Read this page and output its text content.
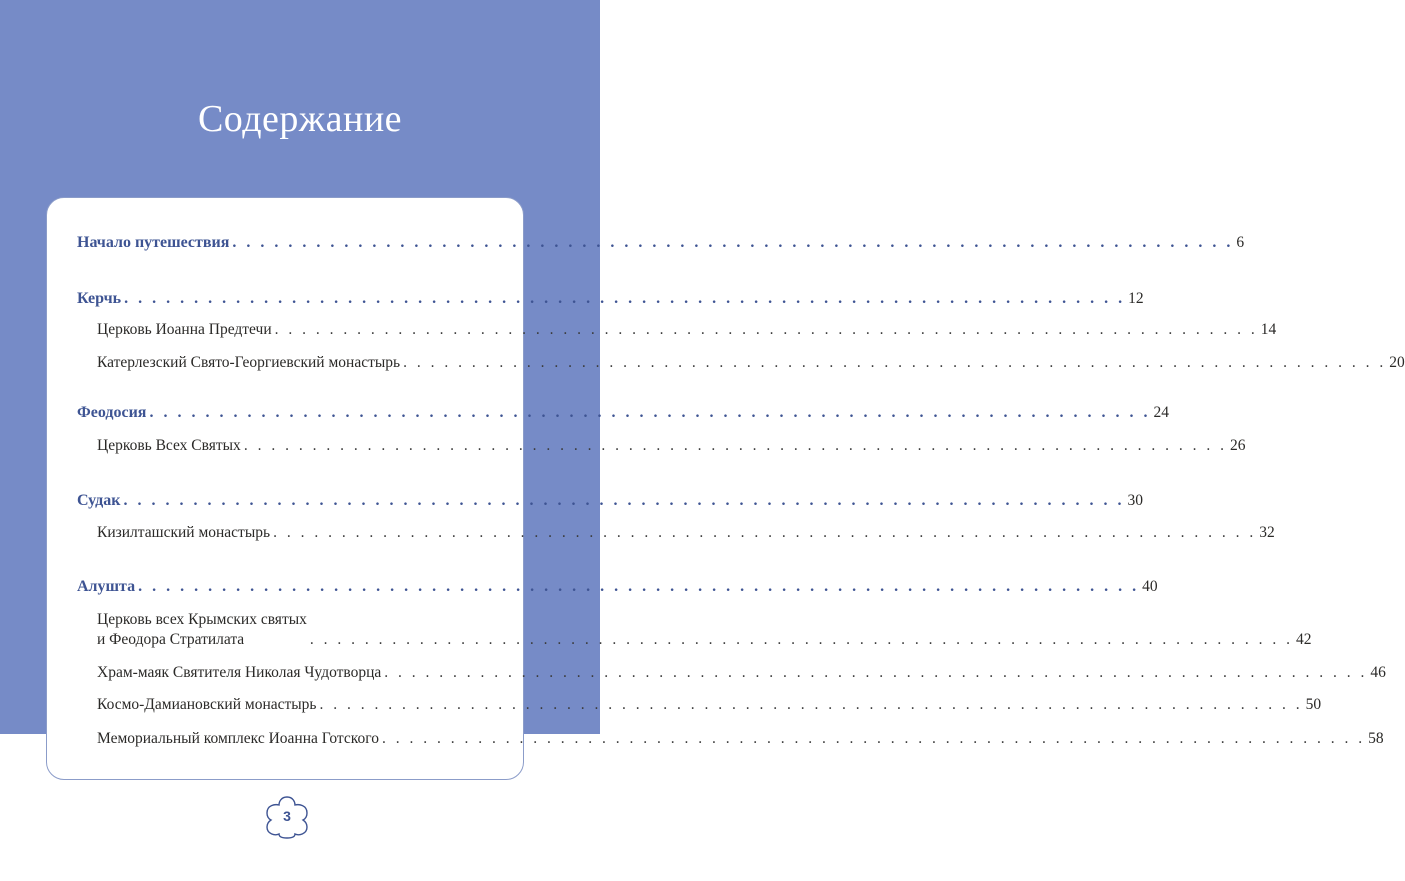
Содержание
Начало путешествия . . . . . . . . . . . . . . . . . . . . . . . . . . . . . . . . . . . . . . . . . . . . . . . . . . . . . . . . . . . . . . . . . . . . . . . . 6
Керчь . . . . . . . . . . . . . . . . . . . . . . . . . . . . . . . . . . . . . . . . . . . . . . . . . . . . . . . . . . . . . . . . . . . . . . . . 12
Церковь Иоанна Предтечи . . . . . . . . . . . . . . . . . . . . . . . . . . . . . . . . . . . . . . . . . . . . . . . . . . . . . . . . . . . . . . . . . . . . . . . . 14
Катерлезский Свято-Георгиевский монастырь . . . . . . . . . . . . . . . . . . . . . . . . . . . . . . . . . . . . . . . . . . . . . . . . . . . . . . . . . . . . . . . . . . . . . . . . 20
Феодосия . . . . . . . . . . . . . . . . . . . . . . . . . . . . . . . . . . . . . . . . . . . . . . . . . . . . . . . . . . . . . . . . . . . . . . . . 24
Церковь Всех Святых . . . . . . . . . . . . . . . . . . . . . . . . . . . . . . . . . . . . . . . . . . . . . . . . . . . . . . . . . . . . . . . . . . . . . . . . 26
Судак . . . . . . . . . . . . . . . . . . . . . . . . . . . . . . . . . . . . . . . . . . . . . . . . . . . . . . . . . . . . . . . . . . . . . . . . 30
Кизилташский монастырь . . . . . . . . . . . . . . . . . . . . . . . . . . . . . . . . . . . . . . . . . . . . . . . . . . . . . . . . . . . . . . . . . . . . . . . . 32
Алушта . . . . . . . . . . . . . . . . . . . . . . . . . . . . . . . . . . . . . . . . . . . . . . . . . . . . . . . . . . . . . . . . . . . . . . . . 40
Церковь всех Крымских святых
и Феодора Стратилата	. . . . . . . . . . . . . . . . . . . . . . . . . . . . . . . . . . . . . . . . . . . . . . . . . . . . . . . . . . . . . . . . . . . . . . . . 42
Храм-маяк Святителя Николая Чудотворца . . . . . . . . . . . . . . . . . . . . . . . . . . . . . . . . . . . . . . . . . . . . . . . . . . . . . . . . . . . . . . . . . . . . . . . . 46
Космо-Дамиановский монастырь . . . . . . . . . . . . . . . . . . . . . . . . . . . . . . . . . . . . . . . . . . . . . . . . . . . . . . . . . . . . . . . . . . . . . . . . 50
Мемориальный комплекс Иоанна Готского . . . . . . . . . . . . . . . . . . . . . . . . . . . . . . . . . . . . . . . . . . . . . . . . . . . . . . . . . . . . . . . . . . . . . . . . 58
3
